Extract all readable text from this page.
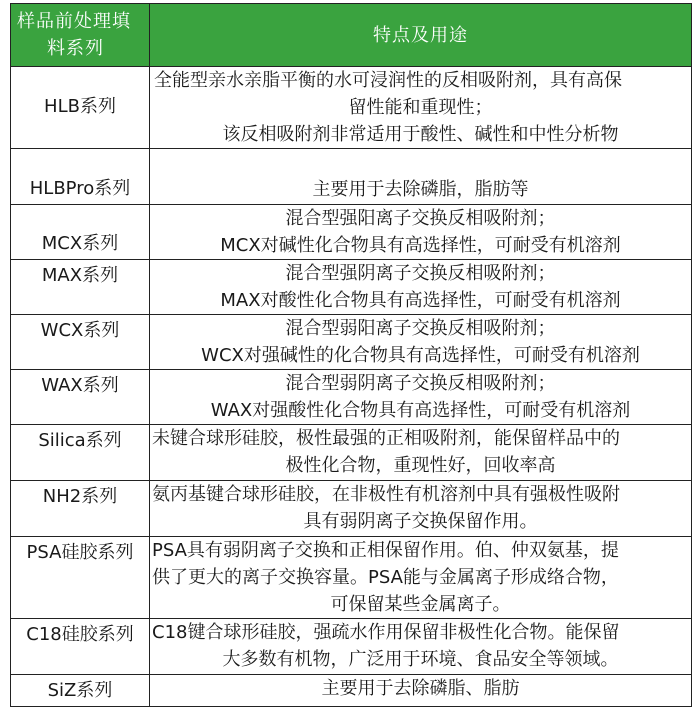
样品前处理填
料系列	特点及用途
HLB系列	全能型亲水亲脂平衡的水可浸润性的反相吸附剂，具有高保
留性能和重现性；
该反相吸附剂非常适用于酸性、碱性和中性分析物

HLBPro系列	主要用于去除磷脂，脂肪等

MCX系列	混合型强阳离子交换反相吸附剂；
MCX对碱性化合物具有高选择性，可耐受有机溶剂

MAX系列	混合型强阴离子交换反相吸附剂；
MAX对酸性化合物具有高选择性，可耐受有机溶剂

WCX系列	混合型弱阳离子交换反相吸附剂；
WCX对强碱性的化合物具有高选择性，可耐受有机溶剂

WAX系列	混合型弱阴离子交换反相吸附剂；
WAX对强酸性化合物具有高选择性，可耐受有机溶剂

Silica系列	未键合球形硅胶，极性最强的正相吸附剂，能保留样品中的
极性化合物，重现性好，回收率高

NH2系列	氨丙基键合球形硅胶，在非极性有机溶剂中具有强极性吸附
具有弱阴离子交换保留作用。

PSA硅胶系列	PSA具有弱阴离子交换和正相保留作用。伯、仲双氨基，提
供了更大的离子交换容量。PSA能与金属离子形成络合物，
可保留某些金属离子。

C18硅胶系列	C18键合球形硅胶，强疏水作用保留非极性化合物。能保留
大多数有机物，广泛用于环境、食品安全等领域。

SiZ系列	主要用于去除磷脂、脂肪
